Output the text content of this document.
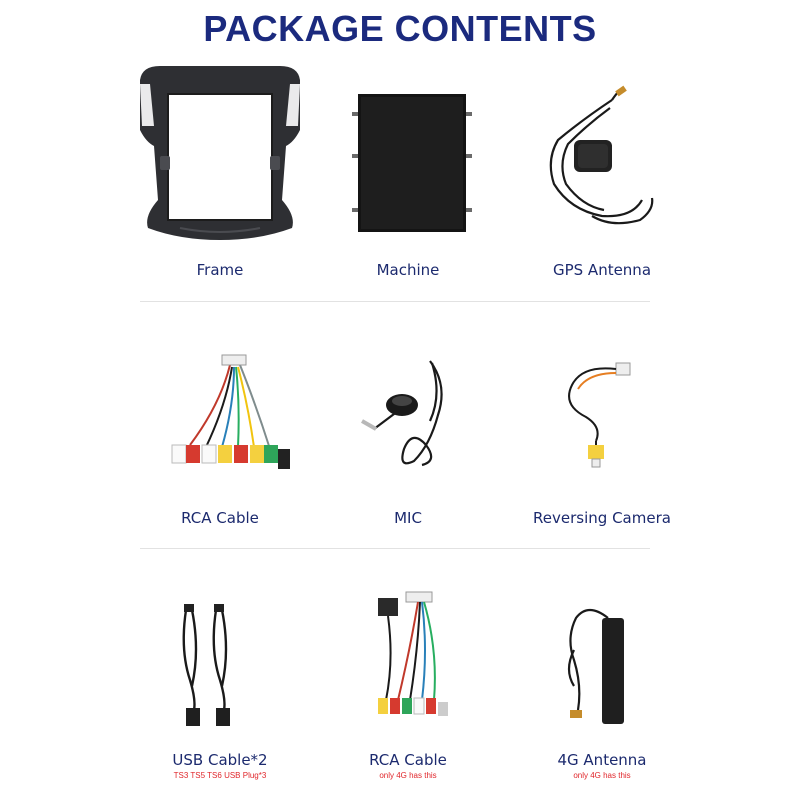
PACKAGE CONTENTS
Frame	Machine	GPS Antenna
RCA Cable	MIC	Reversing Camera
USB Cable*2
TS3 TS5 TS6 USB Plug*3
RCA Cable
only 4G has this
4G Antenna
only 4G has this
